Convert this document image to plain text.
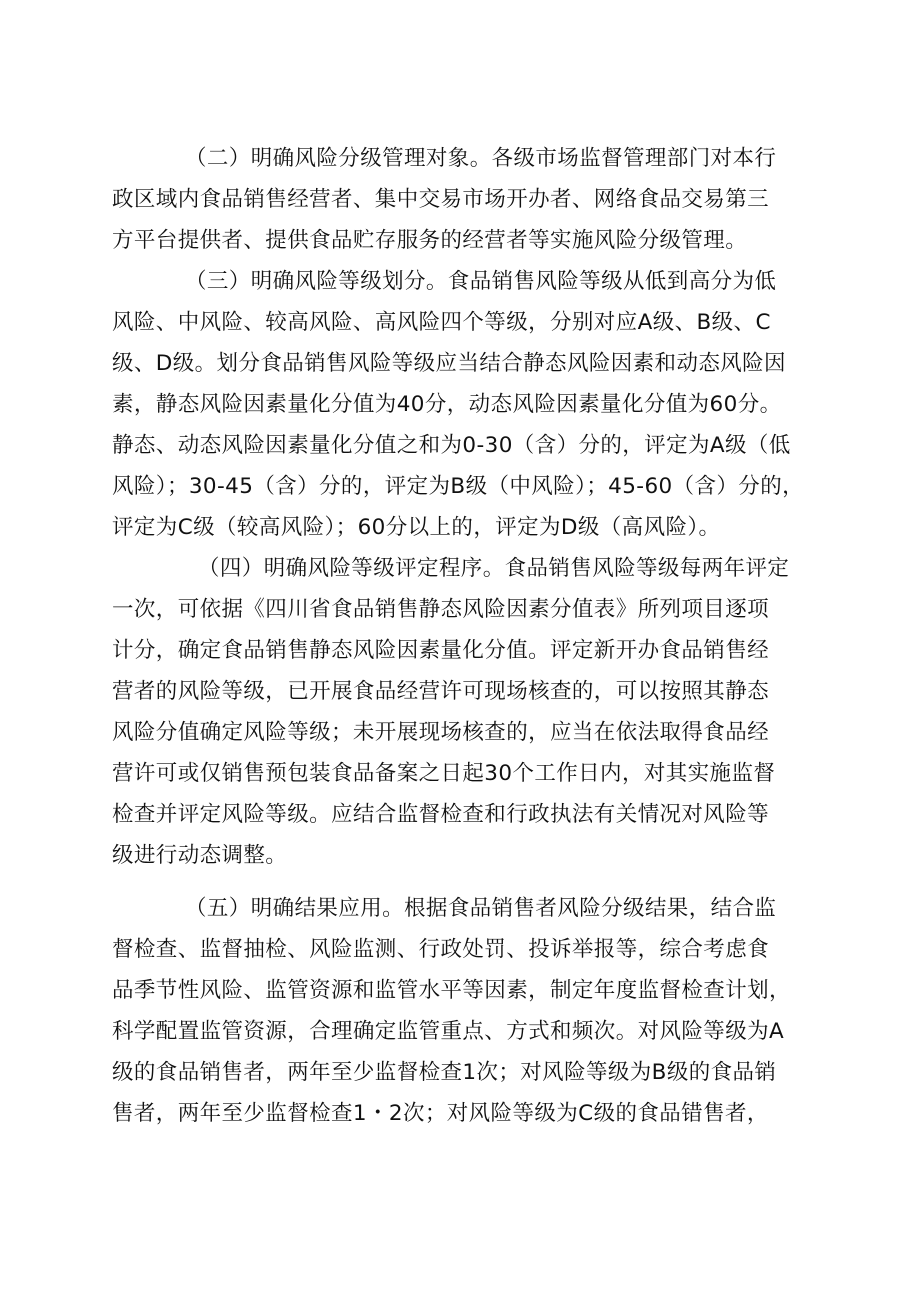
（二）明确风险分级管理对象。各级市场监督管理部门对本行
政区域内食品销售经营者、集中交易市场开办者、网络食品交易第三
方平台提供者、提供食品贮存服务的经营者等实施风险分级管理。
（三）明确风险等级划分。食品销售风险等级从低到高分为低
风险、中风险、较高风险、高风险四个等级，分别对应A级、B级、C
级、D级。划分食品销售风险等级应当结合静态风险因素和动态风险因
素，静态风险因素量化分值为40分，动态风险因素量化分值为60分。
静态、动态风险因素量化分值之和为0-30（含）分的，评定为A级（低
风险）；30-45（含）分的，评定为B级（中风险）；45-60（含）分的，
评定为C级（较高风险）；60分以上的，评定为D级（高风险）。
（四）明确风险等级评定程序。食品销售风险等级每两年评定
一次，可依据《四川省食品销售静态风险因素分值表》所列项目逐项
计分，确定食品销售静态风险因素量化分值。评定新开办食品销售经
营者的风险等级，已开展食品经营许可现场核查的，可以按照其静态
风险分值确定风险等级；未开展现场核查的，应当在依法取得食品经
营许可或仅销售预包装食品备案之日起30个工作日内，对其实施监督
检查并评定风险等级。应结合监督检查和行政执法有关情况对风险等
级进行动态调整。
（五）明确结果应用。根据食品销售者风险分级结果，结合监
督检查、监督抽检、风险监测、行政处罚、投诉举报等，综合考虑食
品季节性风险、监管资源和监管水平等因素，制定年度监督检查计划，
科学配置监管资源，合理确定监管重点、方式和频次。对风险等级为A
级的食品销售者，两年至少监督检查1次；对风险等级为B级的食品销
售者，两年至少监督检查1・2次；对风险等级为C级的食品错售者，
